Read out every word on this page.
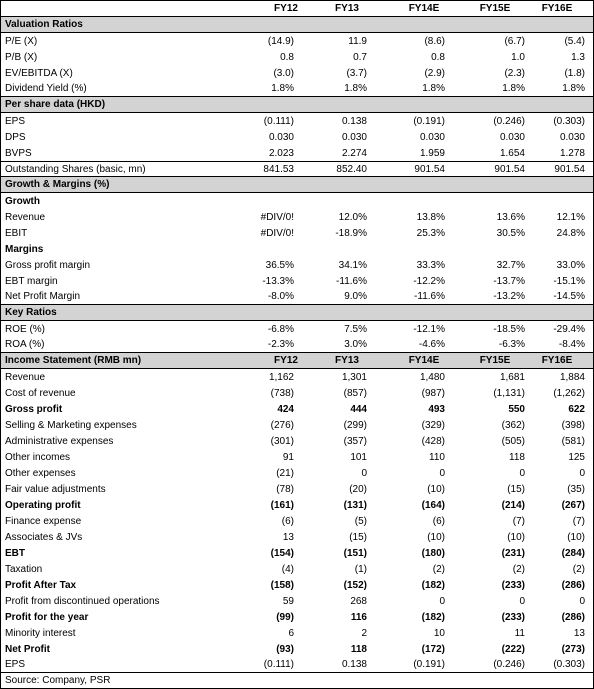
FY12	FY13	FY14E	FY15E	FY16E
Valuation Ratios
P/E (X)	(14.9)	11.9	(8.6)	(6.7)	(5.4)
P/B (X)	0.8	0.7	0.8	1.0	1.3
EV/EBITDA (X)	(3.0)	(3.7)	(2.9)	(2.3)	(1.8)
Dividend Yield (%)	1.8%	1.8%	1.8%	1.8%	1.8%
Per share data (HKD)
EPS	(0.111)	0.138	(0.191)	(0.246)	(0.303)
DPS	0.030	0.030	0.030	0.030	0.030
BVPS	2.023	2.274	1.959	1.654	1.278
Outstanding Shares (basic, mn)	841.53	852.40	901.54	901.54	901.54
Growth & Margins (%)
Growth
Revenue	#DIV/0!	12.0%	13.8%	13.6%	12.1%
EBIT	#DIV/0!	-18.9%	25.3%	30.5%	24.8%
Margins
Gross profit margin	36.5%	34.1%	33.3%	32.7%	33.0%
EBT margin	-13.3%	-11.6%	-12.2%	-13.7%	-15.1%
Net Profit Margin	-8.0%	9.0%	-11.6%	-13.2%	-14.5%
Key Ratios
ROE (%)	-6.8%	7.5%	-12.1%	-18.5%	-29.4%
ROA (%)	-2.3%	3.0%	-4.6%	-6.3%	-8.4%
Income Statement (RMB mn)	FY12	FY13	FY14E	FY15E	FY16E
Revenue	1,162	1,301	1,480	1,681	1,884
Cost of revenue	(738)	(857)	(987)	(1,131)	(1,262)
Gross profit	424	444	493	550	622
Selling & Marketing expenses	(276)	(299)	(329)	(362)	(398)
Administrative expenses	(301)	(357)	(428)	(505)	(581)
Other incomes	91	101	110	118	125
Other expenses	(21)	0	0	0	0
Fair value adjustments	(78)	(20)	(10)	(15)	(35)
Operating profit	(161)	(131)	(164)	(214)	(267)
Finance expense	(6)	(5)	(6)	(7)	(7)
Associates & JVs	13	(15)	(10)	(10)	(10)
EBT	(154)	(151)	(180)	(231)	(284)
Taxation	(4)	(1)	(2)	(2)	(2)
Profit After Tax	(158)	(152)	(182)	(233)	(286)
Profit from discontinued operations	59	268	0	0	0
Profit for the year	(99)	116	(182)	(233)	(286)
Minority interest	6	2	10	11	13
Net Profit	(93)	118	(172)	(222)	(273)
EPS	(0.111)	0.138	(0.191)	(0.246)	(0.303)
Source: Company, PSR
